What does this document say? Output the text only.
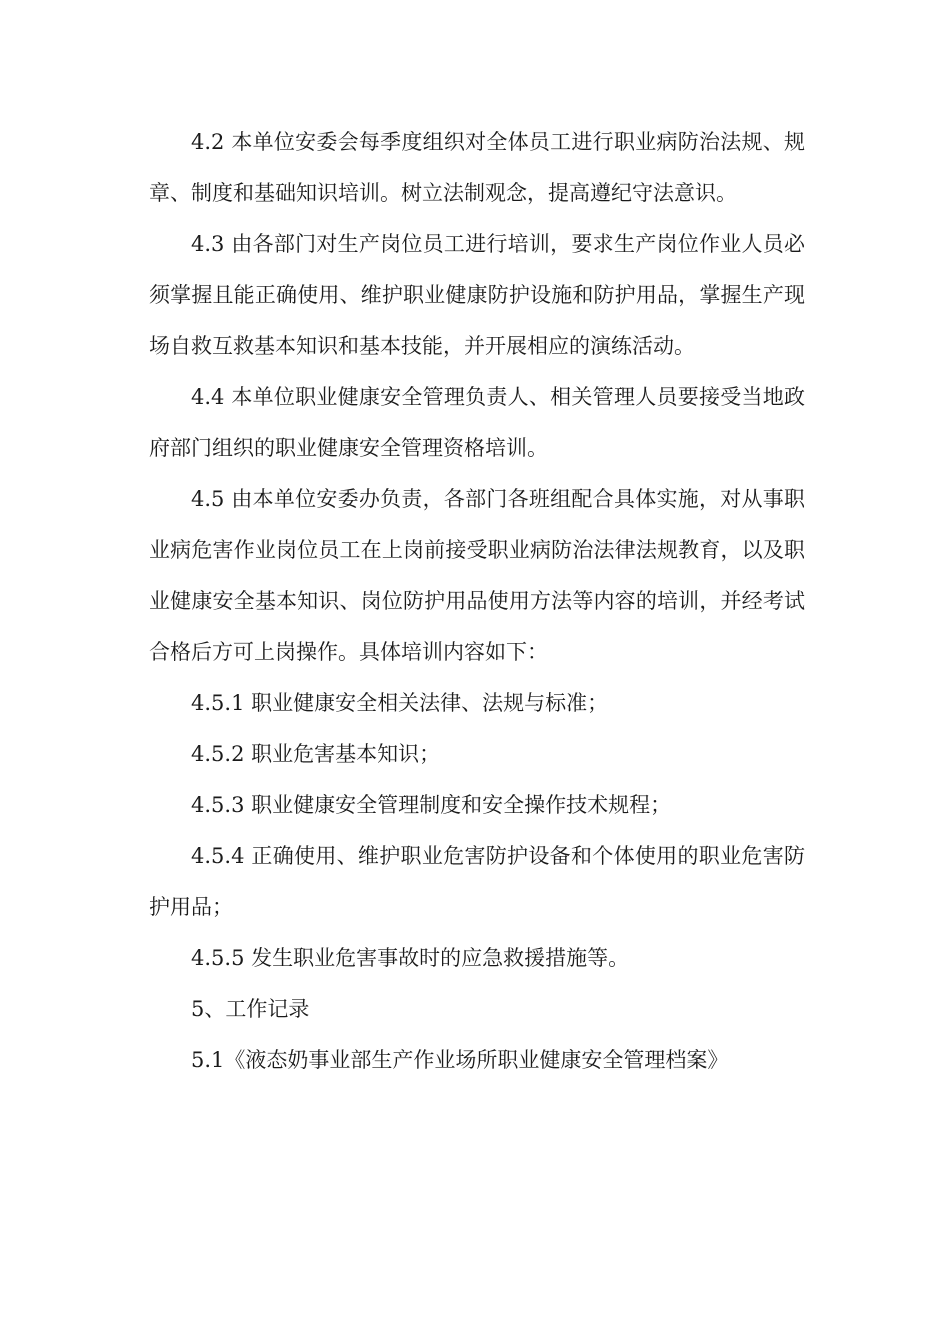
4.2 本单位安委会每季度组织对全体员工进行职业病防治法规、规章、制度和基础知识培训。树立法制观念，提高遵纪守法意识。

4.3 由各部门对生产岗位员工进行培训，要求生产岗位作业人员必须掌握且能正确使用、维护职业健康防护设施和防护用品，掌握生产现场自救互救基本知识和基本技能，并开展相应的演练活动。

4.4 本单位职业健康安全管理负责人、相关管理人员要接受当地政府部门组织的职业健康安全管理资格培训。

4.5 由本单位安委办负责，各部门各班组配合具体实施，对从事职业病危害作业岗位员工在上岗前接受职业病防治法律法规教育，以及职业健康安全基本知识、岗位防护用品使用方法等内容的培训，并经考试合格后方可上岗操作。具体培训内容如下：

4.5.1 职业健康安全相关法律、法规与标准；

4.5.2 职业危害基本知识；

4.5.3 职业健康安全管理制度和安全操作技术规程；

4.5.4 正确使用、维护职业危害防护设备和个体使用的职业危害防护用品；

4.5.5 发生职业危害事故时的应急救援措施等。

5、工作记录

5.1《液态奶事业部生产作业场所职业健康安全管理档案》
